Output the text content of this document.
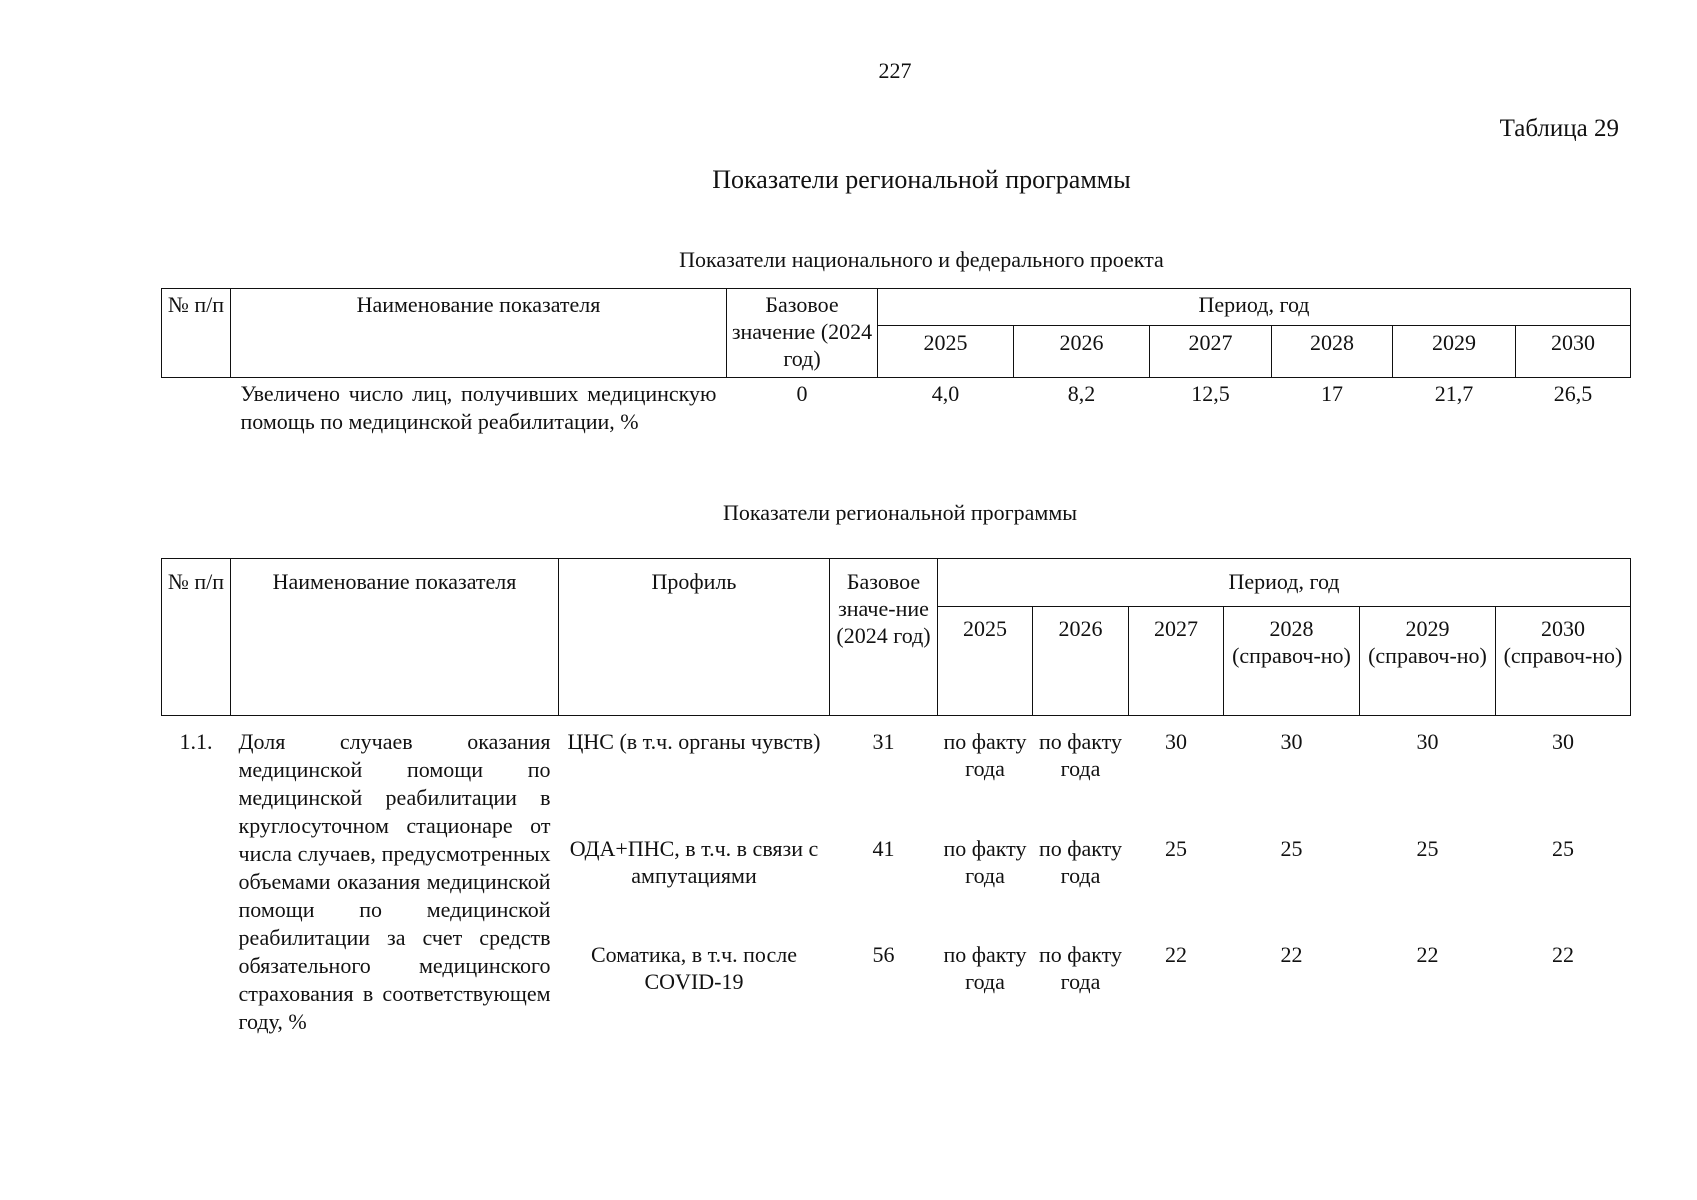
227
Таблица 29
Показатели региональной программы
Показатели национального и федерального проекта
№ п/п	Наименование показателя	Базовое значение (2024 год)	Период, год					
			2025	2026	2027	2028	2029	2030
	Увеличено число лиц, получивших медицинскую помощь по медицинской реабилитации, %	0	4,0	8,2	12,5	17	21,7	26,5
Показатели региональной программы
№ п/п	Наименование показателя	Профиль	Базовое значе-ние (2024 год)	Период, год					
				2025	2026	2027	2028 (справоч-но)	2029 (справоч-но)	2030 (справоч-но)
1.1.	Доля случаев оказания медицинской помощи по медицинской реабилитации в круглосуточном стационаре от числа случаев, предусмотренных объемами оказания медицинской помощи по медицинской реабилитации за счет средств обязательного медицинского страхования в соответствующем году, %	ЦНС (в т.ч. органы чувств)	31	по факту года	по факту года	30	30	30	30
		ОДА+ПНС, в т.ч. в связи с ампутациями	41	по факту года	по факту года	25	25	25	25
		Соматика, в т.ч. после COVID-19	56	по факту года	по факту года	22	22	22	22
